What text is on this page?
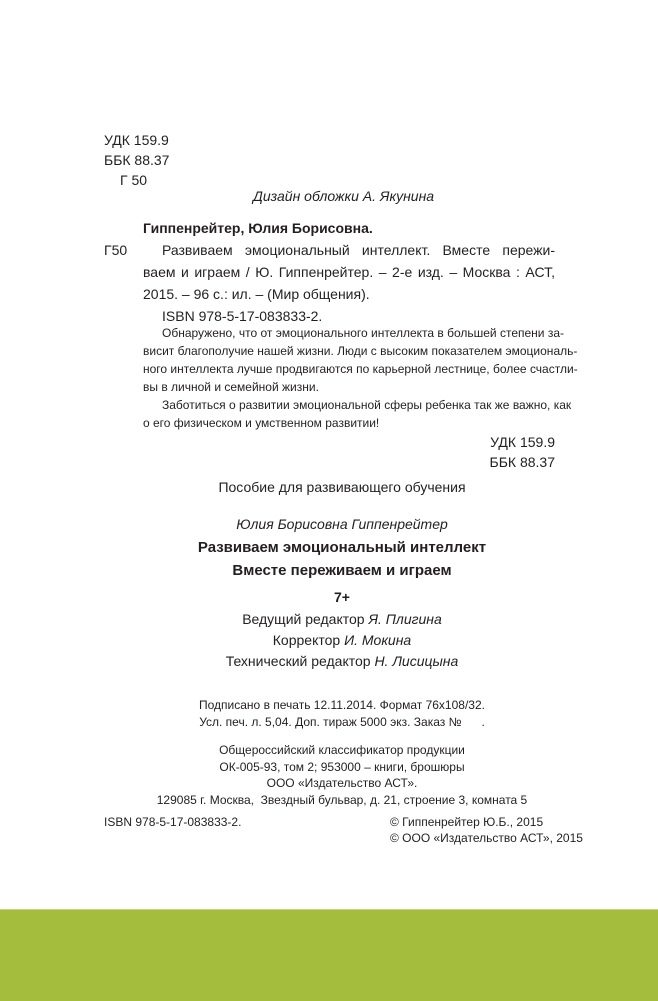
УДК 159.9
ББК 88.37
Г 50
Дизайн обложки А. Якунина
Гиппенрейтер, Юлия Борисовна.
Г50 Развиваем эмоциональный интеллект. Вместе пережи-
ваем и играем / Ю. Гиппенрейтер. – 2-е изд. – Москва : АСТ,
2015. – 96 с.: ил. – (Мир общения).
ISBN 978-5-17-083833-2.
Обнаружено, что от эмоционального интеллекта в большей степени за-
висит благополучие нашей жизни. Люди с высоким показателем эмоциональ-
ного интеллекта лучше продвигаются по карьерной лестнице, более счастли-
вы в личной и семейной жизни.
Заботиться о развитии эмоциональной сферы ребенка так же важно, как
о его физическом и умственном развитии!
УДК 159.9
ББК 88.37
Пособие для развивающего обучения
Юлия Борисовна Гиппенрейтер
Развиваем эмоциональный интеллект
Вместе переживаем и играем
7+
Ведущий редактор Я. Плигина
Корректор И. Мокина
Технический редактор Н. Лисицына
Подписано в печать 12.11.2014. Формат 76x108/32.
Усл. печ. л. 5,04. Доп. тираж 5000 экз. Заказ №      .
Общероссийский классификатор продукции
ОК-005-93, том 2; 953000 – книги, брошюры
ООО «Издательство АСТ».
129085 г. Москва,  Звездный бульвар, д. 21, строение 3, комната 5
ISBN 978-5-17-083833-2.	© Гиппенрейтер Ю.Б., 2015
© ООО «Издательство АСТ», 2015
